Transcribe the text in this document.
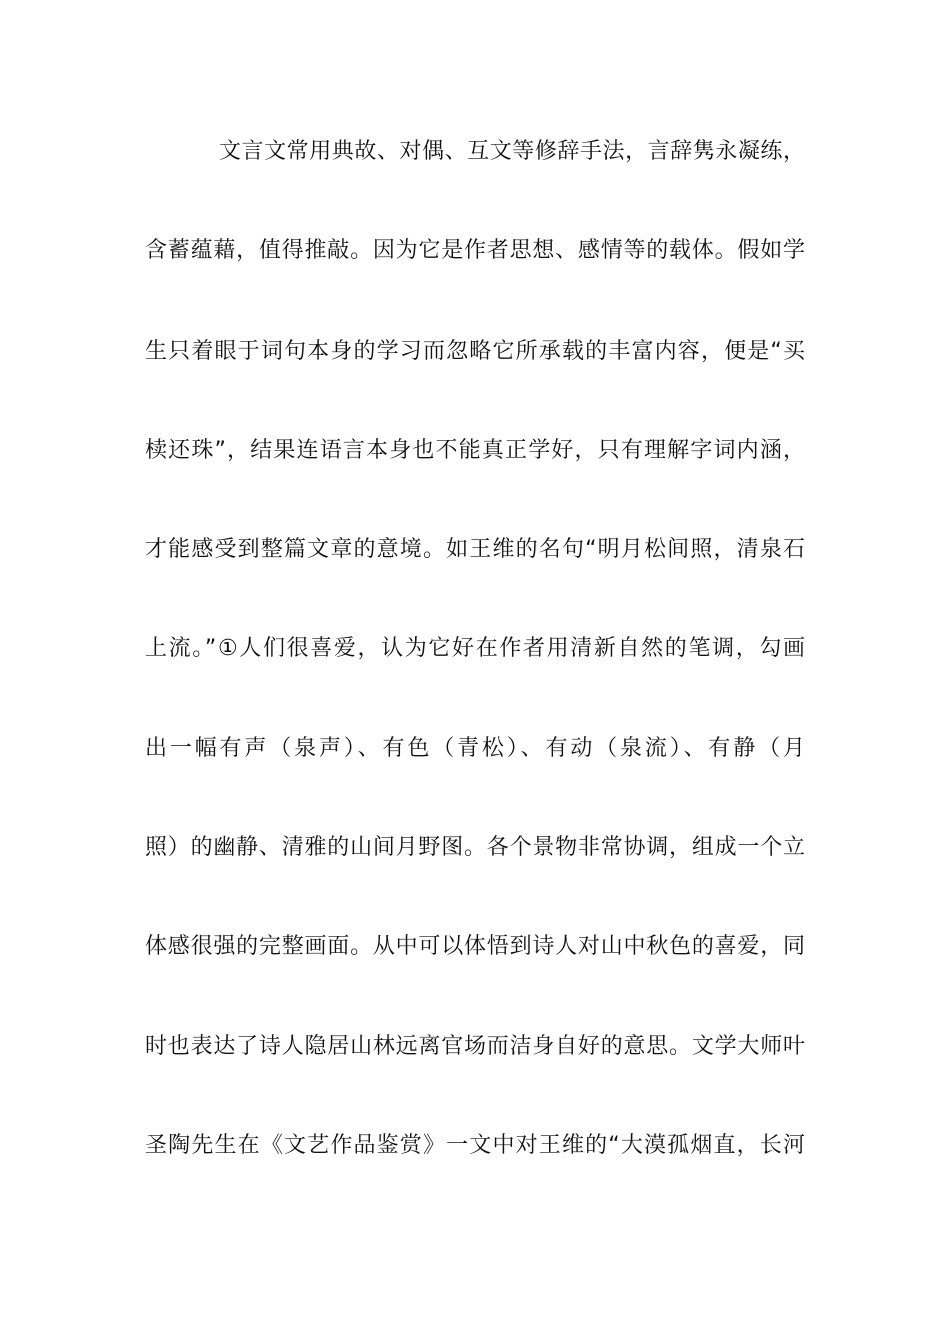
文言文常用典故、对偶、互文等修辞手法，言辞隽永凝练，
含蓄蕴藉，值得推敲。因为它是作者思想、感情等的载体。假如学
生只着眼于词句本身的学习而忽略它所承载的丰富内容，便是“买
椟还珠”，结果连语言本身也不能真正学好，只有理解字词内涵，
才能感受到整篇文章的意境。如王维的名句“明月松间照，清泉石
上流。”①人们很喜爱，认为它好在作者用清新自然的笔调，勾画
出一幅有声（泉声）、有色（青松）、有动（泉流）、有静（月
照）的幽静、清雅的山间月野图。各个景物非常协调，组成一个立
体感很强的完整画面。从中可以体悟到诗人对山中秋色的喜爱，同
时也表达了诗人隐居山林远离官场而洁身自好的意思。文学大师叶
圣陶先生在《文艺作品鉴赏》一文中对王维的“大漠孤烟直，长河
